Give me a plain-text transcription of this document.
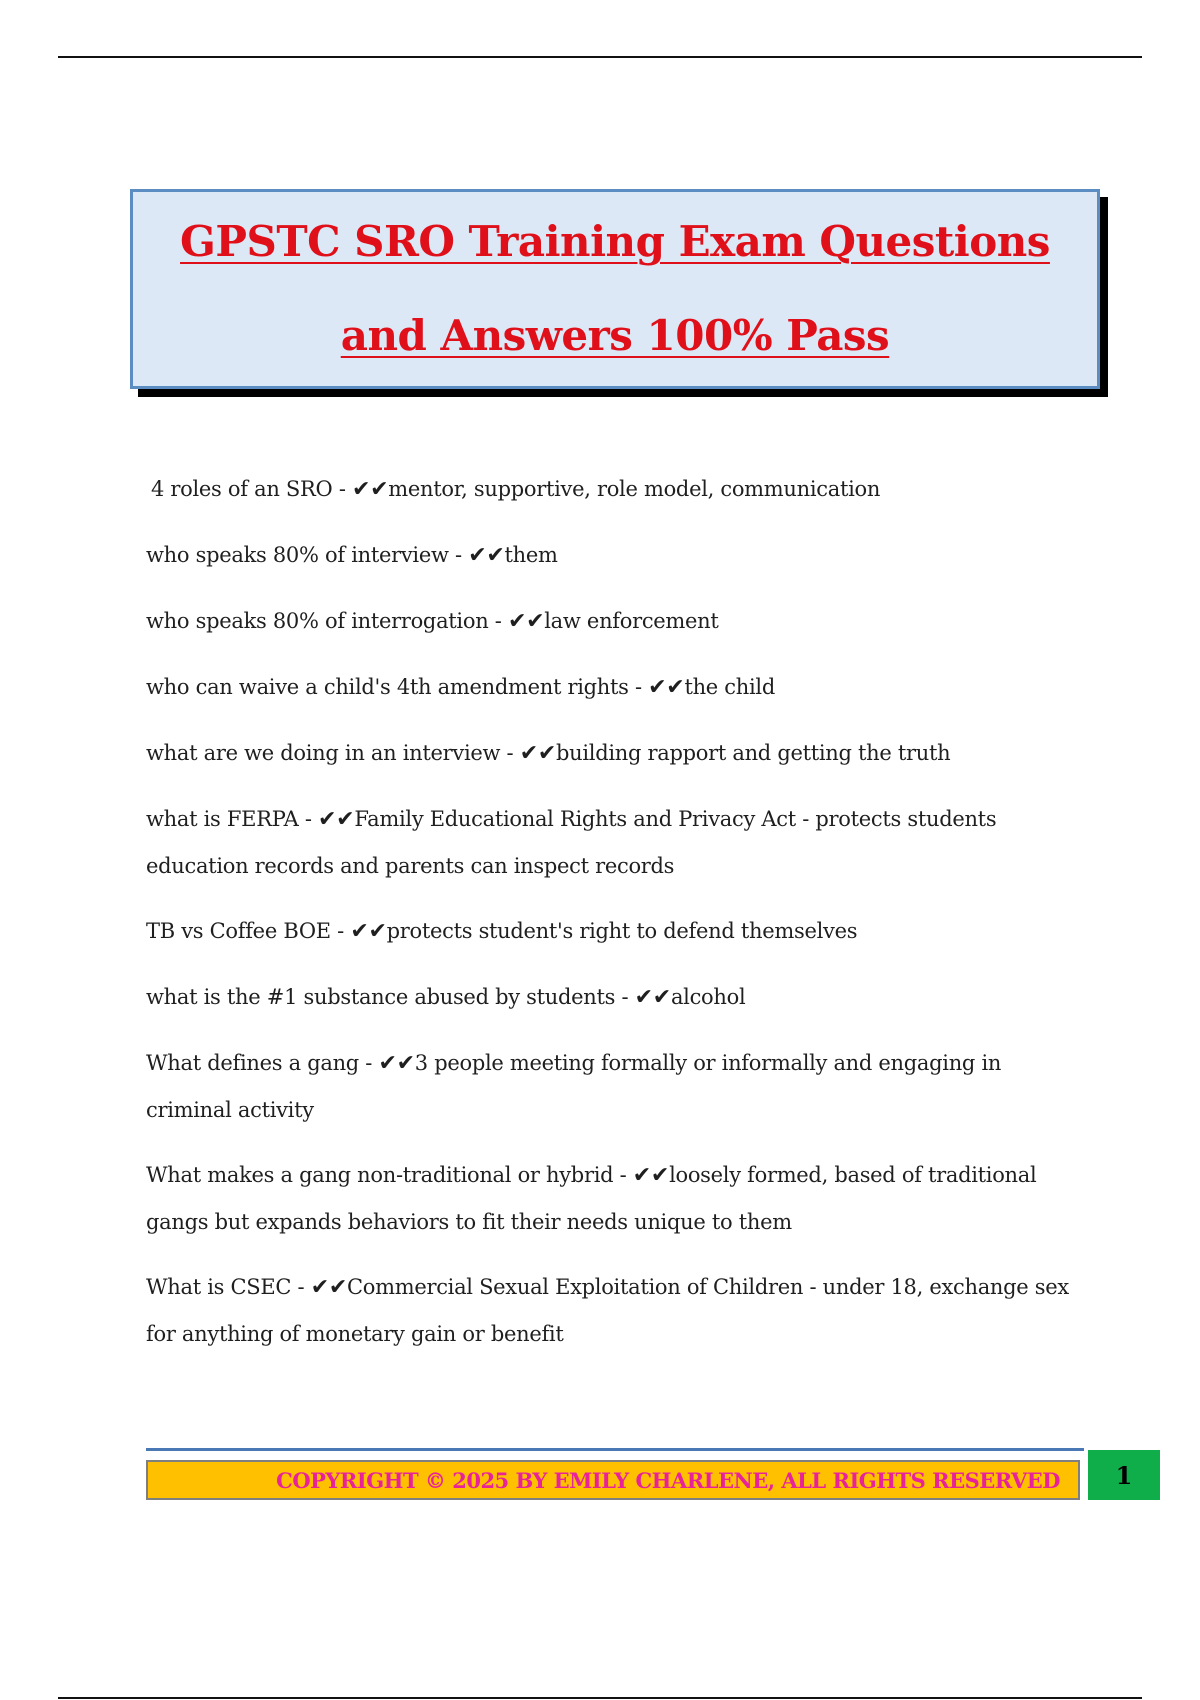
GPSTC SRO Training Exam Questions
and Answers 100% Pass
4 roles of an SRO - ✔✔mentor, supportive, role model, communication
who speaks 80% of interview - ✔✔them
who speaks 80% of interrogation - ✔✔law enforcement
who can waive a child's 4th amendment rights - ✔✔the child
what are we doing in an interview - ✔✔building rapport and getting the truth
what is FERPA - ✔✔Family Educational Rights and Privacy Act - protects students education records and parents can inspect records
TB vs Coffee BOE - ✔✔protects student's right to defend themselves
what is the #1 substance abused by students - ✔✔alcohol
What defines a gang - ✔✔3 people meeting formally or informally and engaging in criminal activity
What makes a gang non-traditional or hybrid - ✔✔loosely formed, based of traditional gangs but expands behaviors to fit their needs unique to them
What is CSEC - ✔✔Commercial Sexual Exploitation of Children - under 18, exchange sex for anything of monetary gain or benefit
COPYRIGHT © 2025 BY EMILY CHARLENE, ALL RIGHTS RESERVED 1
